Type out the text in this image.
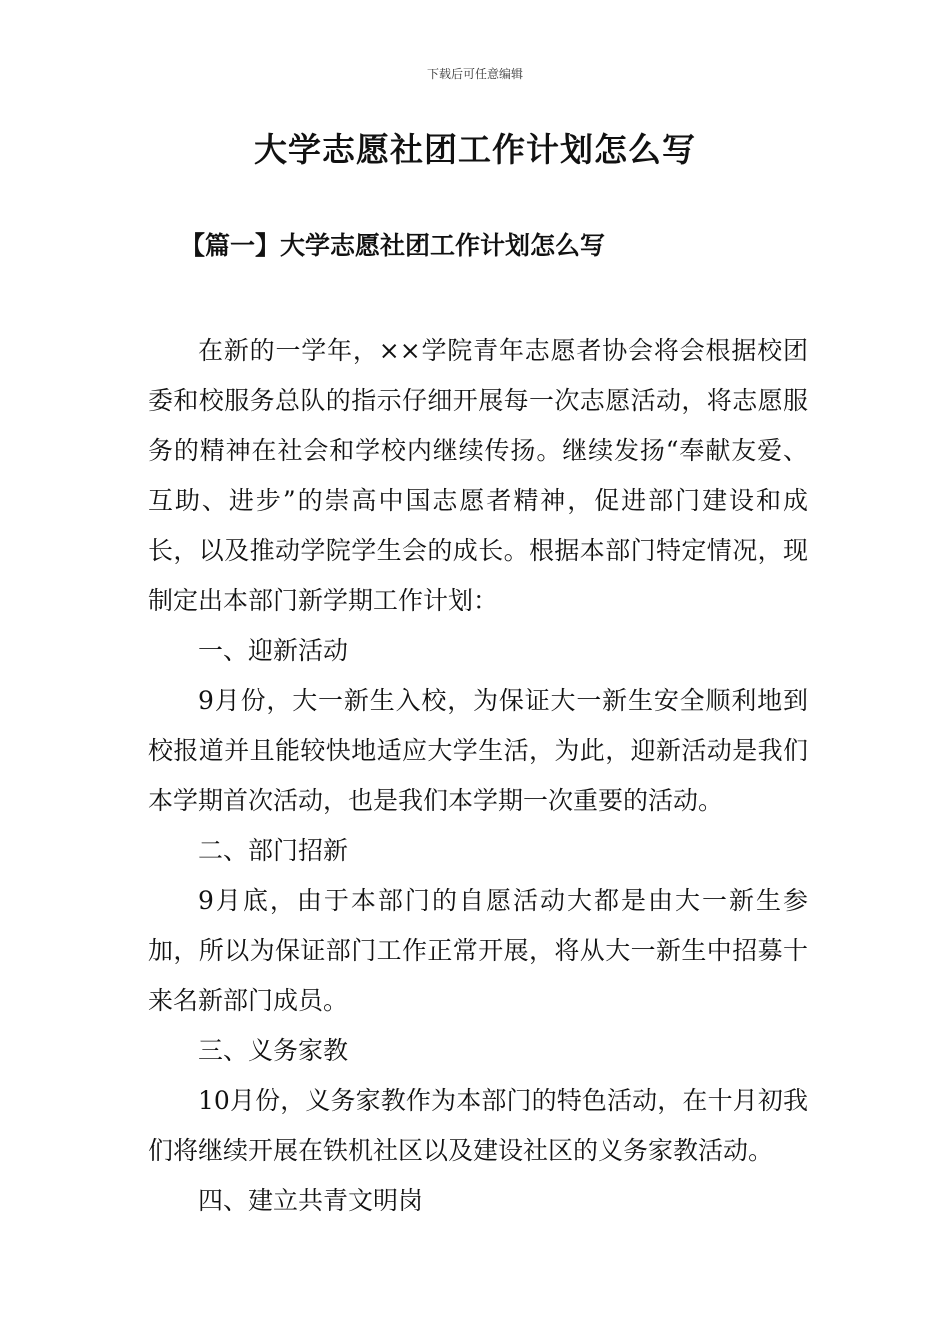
下载后可任意编辑
大学志愿社团工作计划怎么写
【篇一】大学志愿社团工作计划怎么写

在新的一学年，××学院青年志愿者协会将会根据校团委和校服务总队的指示仔细开展每一次志愿活动，将志愿服务的精神在社会和学校内继续传扬。继续发扬“奉献友爱、互助、进步”的崇高中国志愿者精神，促进部门建设和成长，以及推动学院学生会的成长。根据本部门特定情况，现制定出本部门新学期工作计划：

一、迎新活动

9月份，大一新生入校，为保证大一新生安全顺利地到校报道并且能较快地适应大学生活，为此，迎新活动是我们本学期首次活动，也是我们本学期一次重要的活动。

二、部门招新

9月底，由于本部门的自愿活动大都是由大一新生参加，所以为保证部门工作正常开展，将从大一新生中招募十来名新部门成员。

三、义务家教

10月份，义务家教作为本部门的特色活动，在十月初我们将继续开展在铁机社区以及建设社区的义务家教活动。

四、建立共青文明岗
